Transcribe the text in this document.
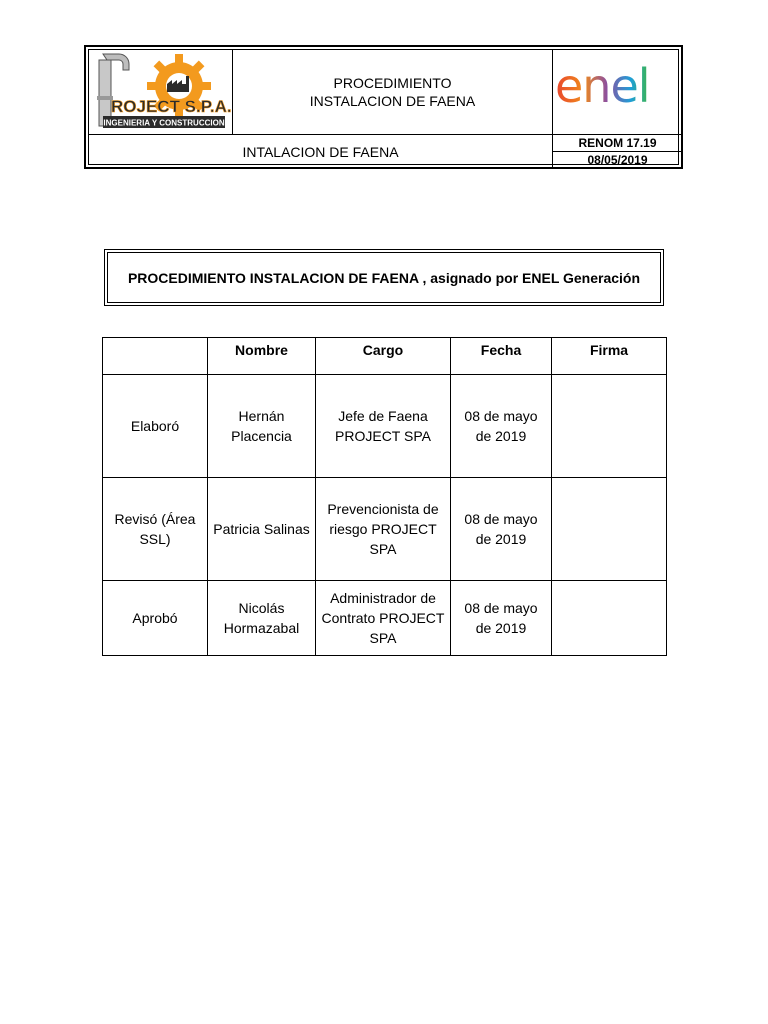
ROJECT S.P.A.
INGENIERIA Y CONSTRUCCION
PROCEDIMIENTO
INSTALACION DE FAENA enel
INTALACION DE FAENA
RENOM 17.19
08/05/2019
PROCEDIMIENTO INSTALACION DE FAENA , asignado por ENEL Generación
	Nombre	Cargo	Fecha	Firma
Elaboró	Hernán Placencia	Jefe de Faena PROJECT SPA	08 de mayo de 2019	
Revisó (Área SSL)	Patricia Salinas	Prevencionista de riesgo PROJECT SPA	08 de mayo de 2019	
Aprobó	Nicolás Hormazabal	Administrador de Contrato PROJECT SPA	08 de mayo de 2019	
